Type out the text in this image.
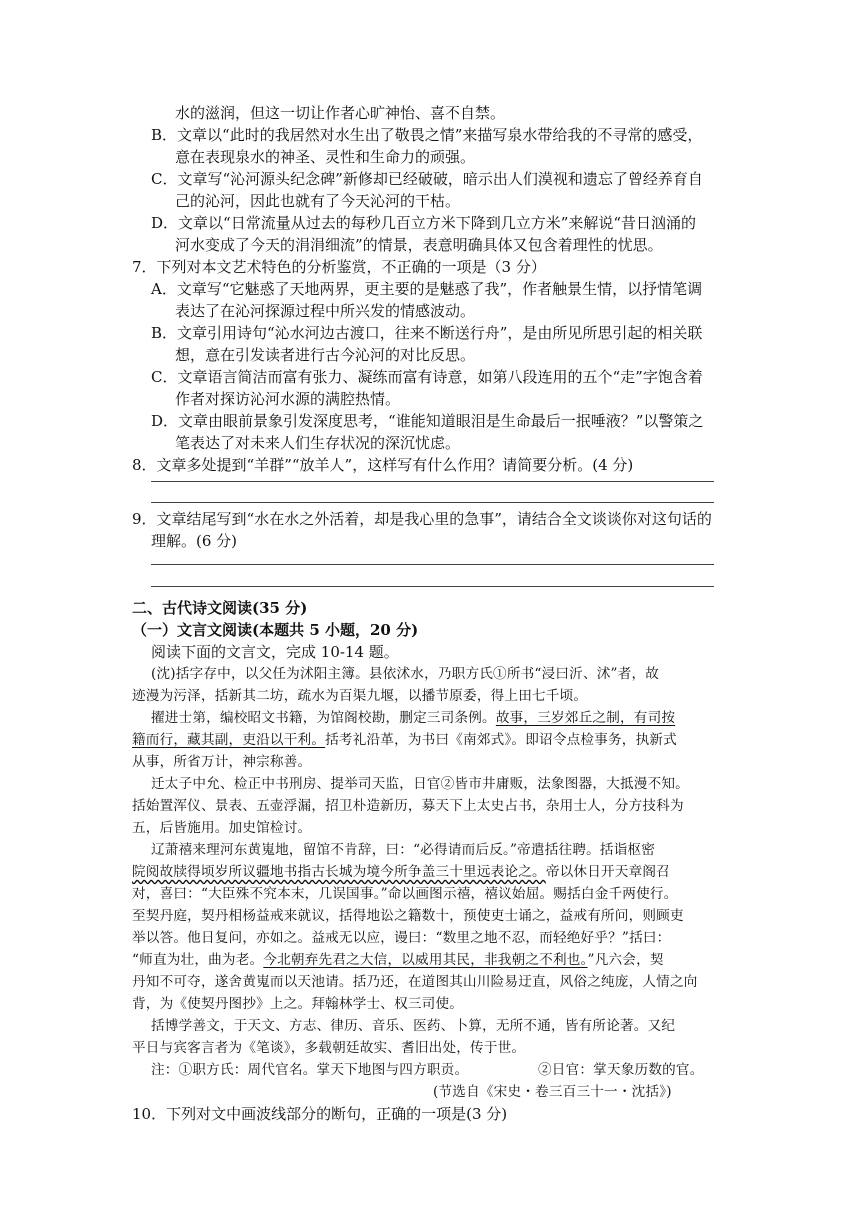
水的滋润，但这一切让作者心旷神怡、喜不自禁。
B．文章以“此时的我居然对水生出了敬畏之情”来描写泉水带给我的不寻常的感受，
意在表现泉水的神圣、灵性和生命力的顽强。
C．文章写“沁河源头纪念碑”新修却已经破破，暗示出人们漠视和遗忘了曾经养育自
己的沁河，因此也就有了今天沁河的干枯。
D．文章以“日常流量从过去的每秒几百立方米下降到几立方米”来解说“昔日汹涌的
河水变成了今天的涓涓细流”的情景，表意明确具体又包含着理性的忧思。
7．下列对本文艺术特色的分析鉴赏，不正确的一项是（3 分）
A．文章写“它魅惑了天地两界，更主要的是魅惑了我”，作者触景生情，以抒情笔调
表达了在沁河探源过程中所兴发的情感波动。
B．文章引用诗句“沁水河边古渡口，往来不断送行舟”，是由所见所思引起的相关联
想，意在引发读者进行古今沁河的对比反思。
C．文章语言简洁而富有张力、凝练而富有诗意，如第八段连用的五个“走”字饱含着
作者对探访沁河水源的满腔热情。
D．文章由眼前景象引发深度思考，“谁能知道眼泪是生命最后一抿唾液？”以警策之
笔表达了对未来人们生存状况的深沉忧虑。
8．文章多处提到“羊群”“放羊人”，这样写有什么作用？请简要分析。(4 分)
9．文章结尾写到“水在水之外活着，却是我心里的急事”，请结合全文谈谈你对这句话的
理解。(6 分)
二、古代诗文阅读(35 分)
（一）文言文阅读(本题共 5 小题，20 分)
阅读下面的文言文，完成 10-14 题。
(沈)括字存中，以父任为沭阳主簿。县依沭水，乃职方氏①所书“浸曰沂、沭”者，故
迹漫为污泽，括新其二坊，疏水为百渠九堰，以播节原委，得上田七千顷。
擢进士第，编校昭文书籍，为馆阁校勘，删定三司条例。故事，三岁郊丘之制，有司按
籍而行，藏其副，吏沿以干利。括考礼沿革，为书曰《南郊式》。即诏令点检事务，执新式
从事，所省万计，神宗称善。
迁太子中允、检正中书刑房、提举司天监，日官②皆市井庸贩，法象图器，大抵漫不知。
括始置浑仪、景表、五壶浮漏，招卫朴造新历，募天下上太史占书，杂用士人，分方技科为
五，后皆施用。加史馆检讨。
辽萧禧来理河东黄嵬地，留馆不肯辞，曰：“必得请而后反。”帝遣括往聘。括诣枢密
院阅故牍得顷岁所议疆地书指古长城为境今所争盖三十里远表论之。帝以休日开天章阁召
对，喜曰：“大臣殊不究本末，几误国事。”命以画图示禧，禧议始屈。赐括白金千两使行。
至契丹庭，契丹相杨益戒来就议，括得地讼之籍数十，预使吏士诵之，益戒有所问，则顾吏
举以答。他日复问，亦如之。益戒无以应，谩曰：“数里之地不忍，而轻绝好乎？”括曰：
“师直为壮，曲为老。今北朝弃先君之大信，以威用其民，非我朝之不利也。”凡六会，契
丹知不可夺，遂舍黄嵬而以天池请。括乃还，在道图其山川险易迂直，风俗之纯庞，人情之向
背，为《使契丹图抄》上之。拜翰林学士、权三司使。
括博学善文，于天文、方志、律历、音乐、医药、卜算，无所不通，皆有所论著。又纪
平日与宾客言者为《笔谈》，多载朝廷故实、耆旧出处，传于世。
注：①职方氏：周代官名。掌天下地图与四方职贡。	②日官：掌天象历数的官。
(节选自《宋史・卷三百三十一・沈括》)
10．下列对文中画波线部分的断句，正确的一项是(3 分)
